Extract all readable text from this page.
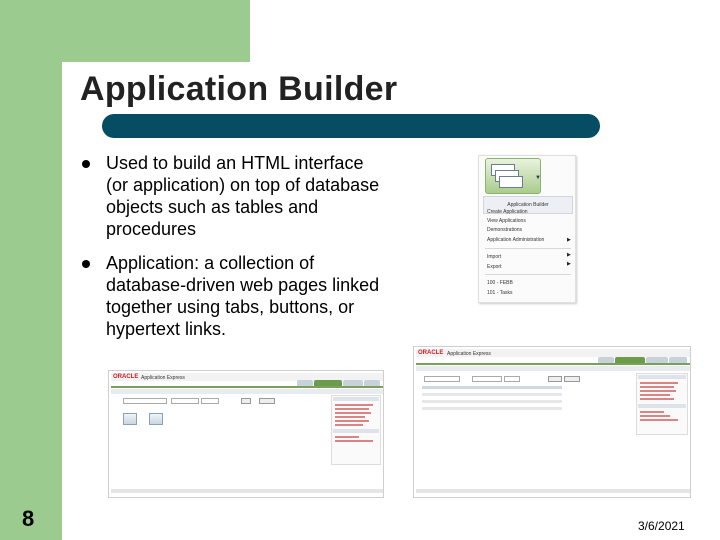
Application Builder
Used to build an HTML interface (or application) on top of database objects such as tables and procedures
Application: a collection of database-driven web pages linked together using tabs, buttons, or hypertext links.
▼
Application Builder
Create Application
View Applications
Demonstrations
Application Administration	▶
Import	▶
Export	▶
100 - FEBB
101 - Tasks
ORACLE Application Express
ORACLE Application Express
8	3/6/2021
